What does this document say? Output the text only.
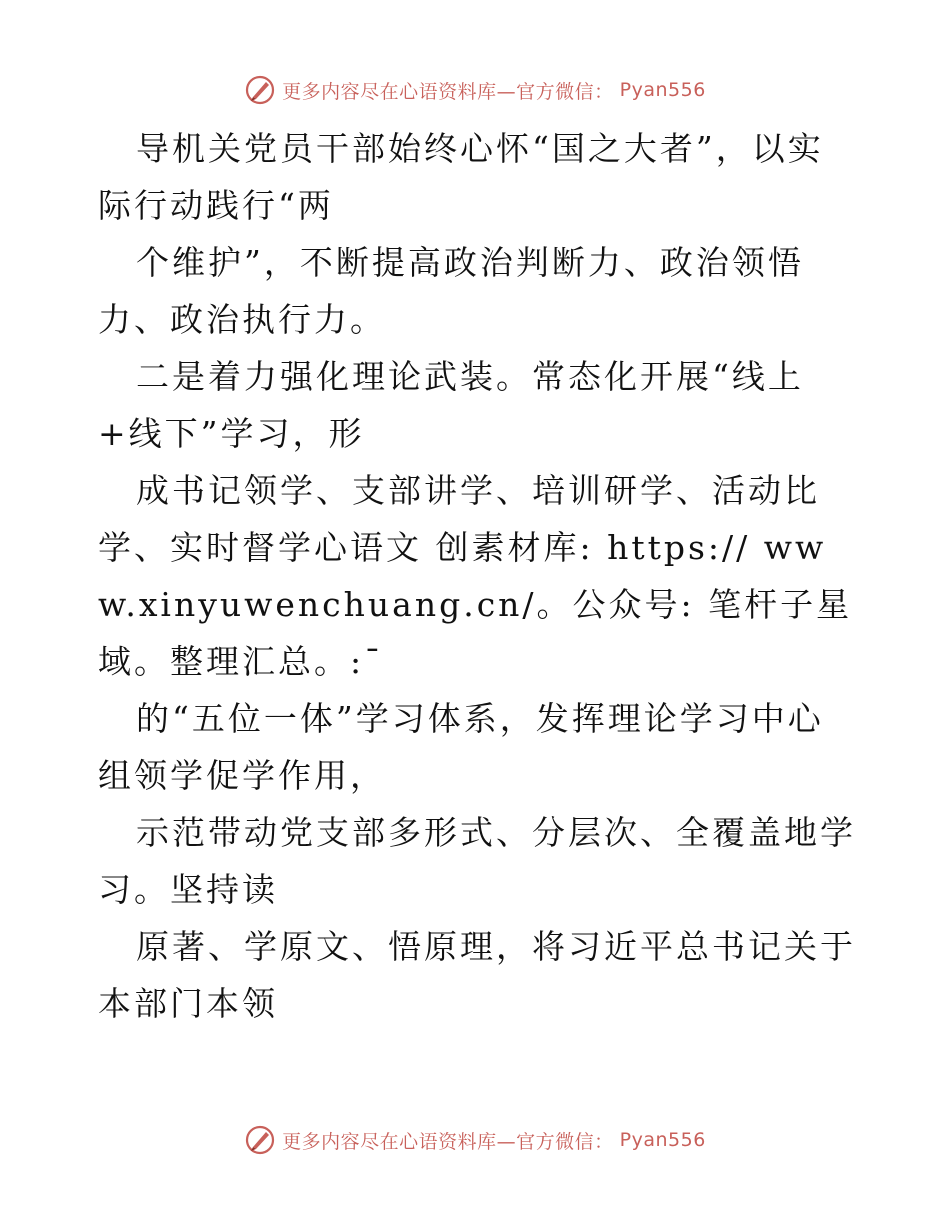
更多内容尽在心语资料库—官方微信： Pyan556

导机关党员干部始终心怀“国之大者”，以实际行动践行“两

个维护”，不断提高政治判断力、政治领悟力、政治执行力。

二是着力强化理论武装。常态化开展“线上+线下”学习，形

成书记领学、支部讲学、培训研学、活动比学、实时督学心语文 创素材库: https:// www.xinyuwenchuang.cn/。公众号: 笔杆子星域。整理汇总。:¯

的“五位一体”学习体系，发挥理论学习中心组领学促学作用，

示范带动党支部多形式、分层次、全覆盖地学习。坚持读

原著、学原文、悟原理，将习近平总书记关于本部门本领

更多内容尽在心语资料库—官方微信： Pyan556
